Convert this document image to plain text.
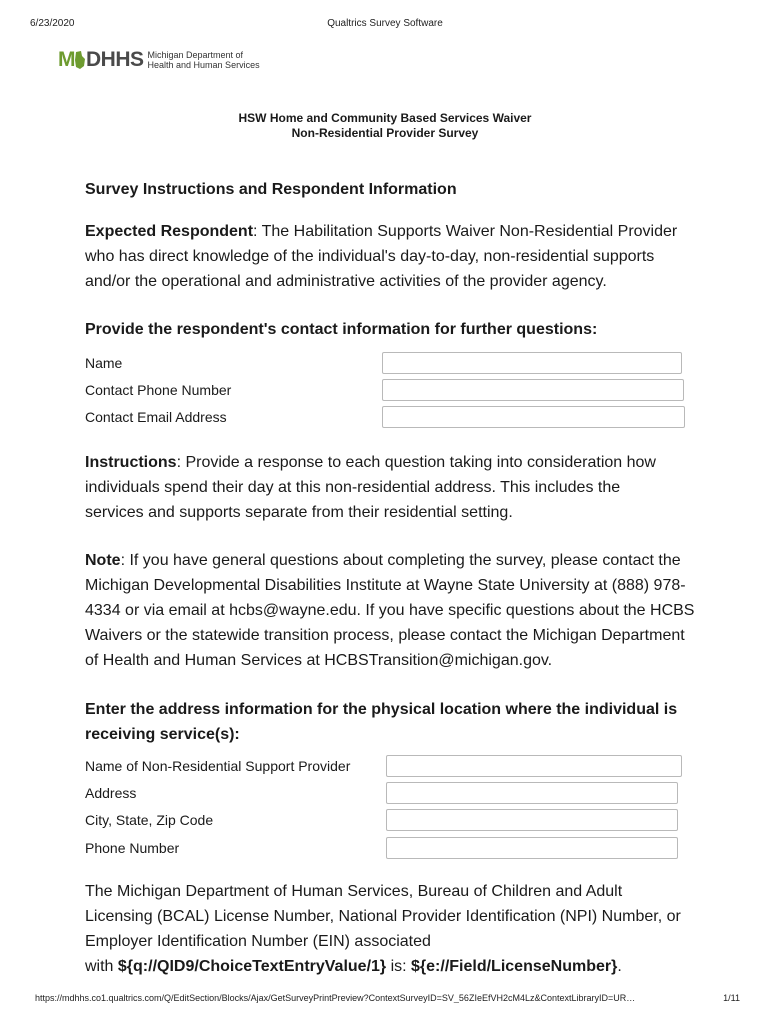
6/23/2020	Qualtrics Survey Software
M DHHS Michigan Department of
Health and Human Services
HSW Home and Community Based Services Waiver
Non-Residential Provider Survey
Survey Instructions and Respondent Information
Expected Respondent: The Habilitation Supports Waiver Non-Residential Provider who has direct knowledge of the individual's day-to-day, non-residential supports and/or the operational and administrative activities of the provider agency.
Provide the respondent's contact information for further questions:
Name
Contact Phone Number
Contact Email Address
Instructions: Provide a response to each question taking into consideration how individuals spend their day at this non-residential address. This includes the services and supports separate from their residential setting.
Note: If you have general questions about completing the survey, please contact the Michigan Developmental Disabilities Institute at Wayne State University at (888) 978-4334 or via email at hcbs@wayne.edu. If you have specific questions about the HCBS Waivers or the statewide transition process, please contact the Michigan Department of Health and Human Services at HCBSTransition@michigan.gov.
Enter the address information for the physical location where the individual is receiving service(s):
Name of Non-Residential Support Provider
Address
City, State, Zip Code
Phone Number
The Michigan Department of Human Services, Bureau of Children and Adult Licensing (BCAL) License Number, National Provider Identification (NPI) Number, or Employer Identification Number (EIN) associated
with ${q://QID9/ChoiceTextEntryValue/1} is: ${e://Field/LicenseNumber}.
https://mdhhs.co1.qualtrics.com/Q/EditSection/Blocks/Ajax/GetSurveyPrintPreview?ContextSurveyID=SV_56ZIeEfVH2cM4Lz&ContextLibraryID=UR…	1/11
